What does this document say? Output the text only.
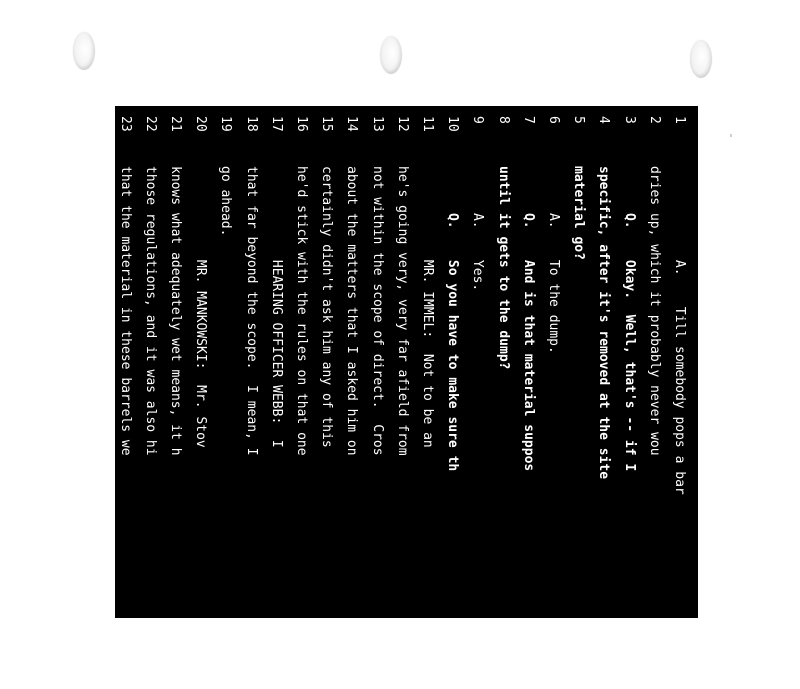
1
A.    Till somebody pops a bar
2
dries up, which it probably never wou
3
Q.    Okay.  Well, that's -- if I
4
specific, after it's removed at the site
5
material go?
6
A.    To the dump.
7
Q.    And is that material suppos
8
until it gets to the dump?
9
A.    Yes.
10
Q.    So you have to make sure th
11
MR. IMMEL:  Not to be an
12
he's going very, very far afield from
13
not within the scope of direct.  Cros
14
about the matters that I asked him on
15
certainly didn't ask him any of this
16
he'd stick with the rules on that one
17
HEARING OFFICER WEBB:  I
18
that far beyond the scope.  I mean, I
19
go ahead.
20
MR. MANKOWSKI:  Mr. Stov
21
knows what adequately wet means, it h
22
those regulations, and it was also hi
23
that the material in these barrels we
24
so I think this is well within the sc
